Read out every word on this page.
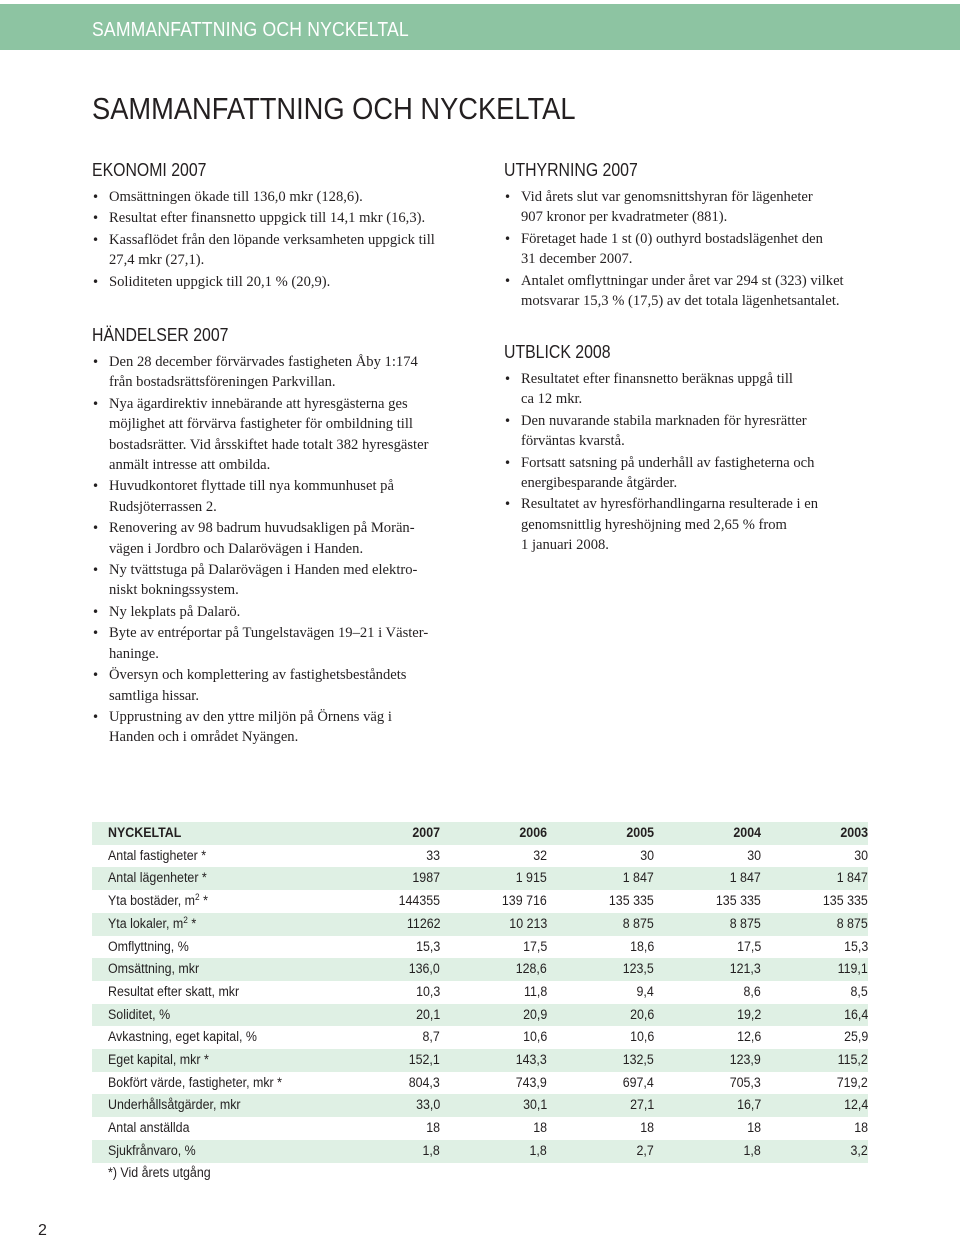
SAMMANFATTNING OCH NYCKELTAL
SAMMANFATTNING OCH NYCKELTAL
EKONOMI 2007
• Omsättningen ökade till 136,0 mkr (128,6).
• Resultat efter finansnetto uppgick till 14,1 mkr (16,3).
• Kassaflödet från den löpande verksamheten uppgick till
27,4 mkr (27,1).
• Soliditeten uppgick till 20,1 % (20,9).
HÄNDELSER 2007
• Den 28 december förvärvades fastigheten Åby 1:174
från bostadsrättsföreningen Parkvillan.
• Nya ägardirektiv innebärande att hyresgästerna ges
möjlighet att förvärva fastigheter för ombildning till
bostadsrätter. Vid årsskiftet hade totalt 382 hyresgäster
anmält intresse att ombilda.
• Huvudkontoret flyttade till nya kommunhuset på
Rudsjöterrassen 2.
• Renovering av 98 badrum huvudsakligen på Morän-
vägen i Jordbro och Dalarövägen i Handen.
• Ny tvättstuga på Dalarövägen i Handen med elektro-
niskt bokningssystem.
• Ny lekplats på Dalarö.
• Byte av entréportar på Tungelstavägen 19–21 i Väster-
haninge.
• Översyn och komplettering av fastighetsbeståndets
samtliga hissar.
• Upprustning av den yttre miljön på Örnens väg i
Handen och i området Nyängen.
UTHYRNING 2007
• Vid årets slut var genomsnittshyran för lägenheter
907 kronor per kvadratmeter (881).
• Företaget hade 1 st (0) outhyrd bostadslägenhet den
31 december 2007.
• Antalet omflyttningar under året var 294 st (323) vilket
motsvarar 15,3 % (17,5) av det totala lägenhetsantalet.
UTBLICK 2008
• Resultatet efter finansnetto beräknas uppgå till
ca 12 mkr.
• Den nuvarande stabila marknaden för hyresrätter
förväntas kvarstå.
• Fortsatt satsning på underhåll av fastigheterna och
energibesparande åtgärder.
• Resultatet av hyresförhandlingarna resulterade i en
genomsnittlig hyreshöjning med 2,65 % from
1 januari 2008.
NYCKELTAL	2007	2006	2005	2004	2003
Antal fastigheter *	33	32	30	30	30
Antal lägenheter *	1987	1 915	1 847	1 847	1 847
Yta bostäder, $m^2$ *	144355	139 716	135 335	135 335	135 335
Yta lokaler, $m^2$ *	11262	10 213	8 875	8 875	8 875
Omflyttning, %	15,3	17,5	18,6	17,5	15,3
Omsättning, mkr	136,0	128,6	123,5	121,3	119,1
Resultat efter skatt, mkr	10,3	11,8	9,4	8,6	8,5
Soliditet, %	20,1	20,9	20,6	19,2	16,4
Avkastning, eget kapital, %	8,7	10,6	10,6	12,6	25,9
Eget kapital, mkr *	152,1	143,3	132,5	123,9	115,2
Bokfört värde, fastigheter, mkr *	804,3	743,9	697,4	705,3	719,2
Underhållsåtgärder, mkr	33,0	30,1	27,1	16,7	12,4
Antal anställda	18	18	18	18	18
Sjukfrånvaro, %	1,8	1,8	2,7	1,8	3,2

*) Vid årets utgång

2
